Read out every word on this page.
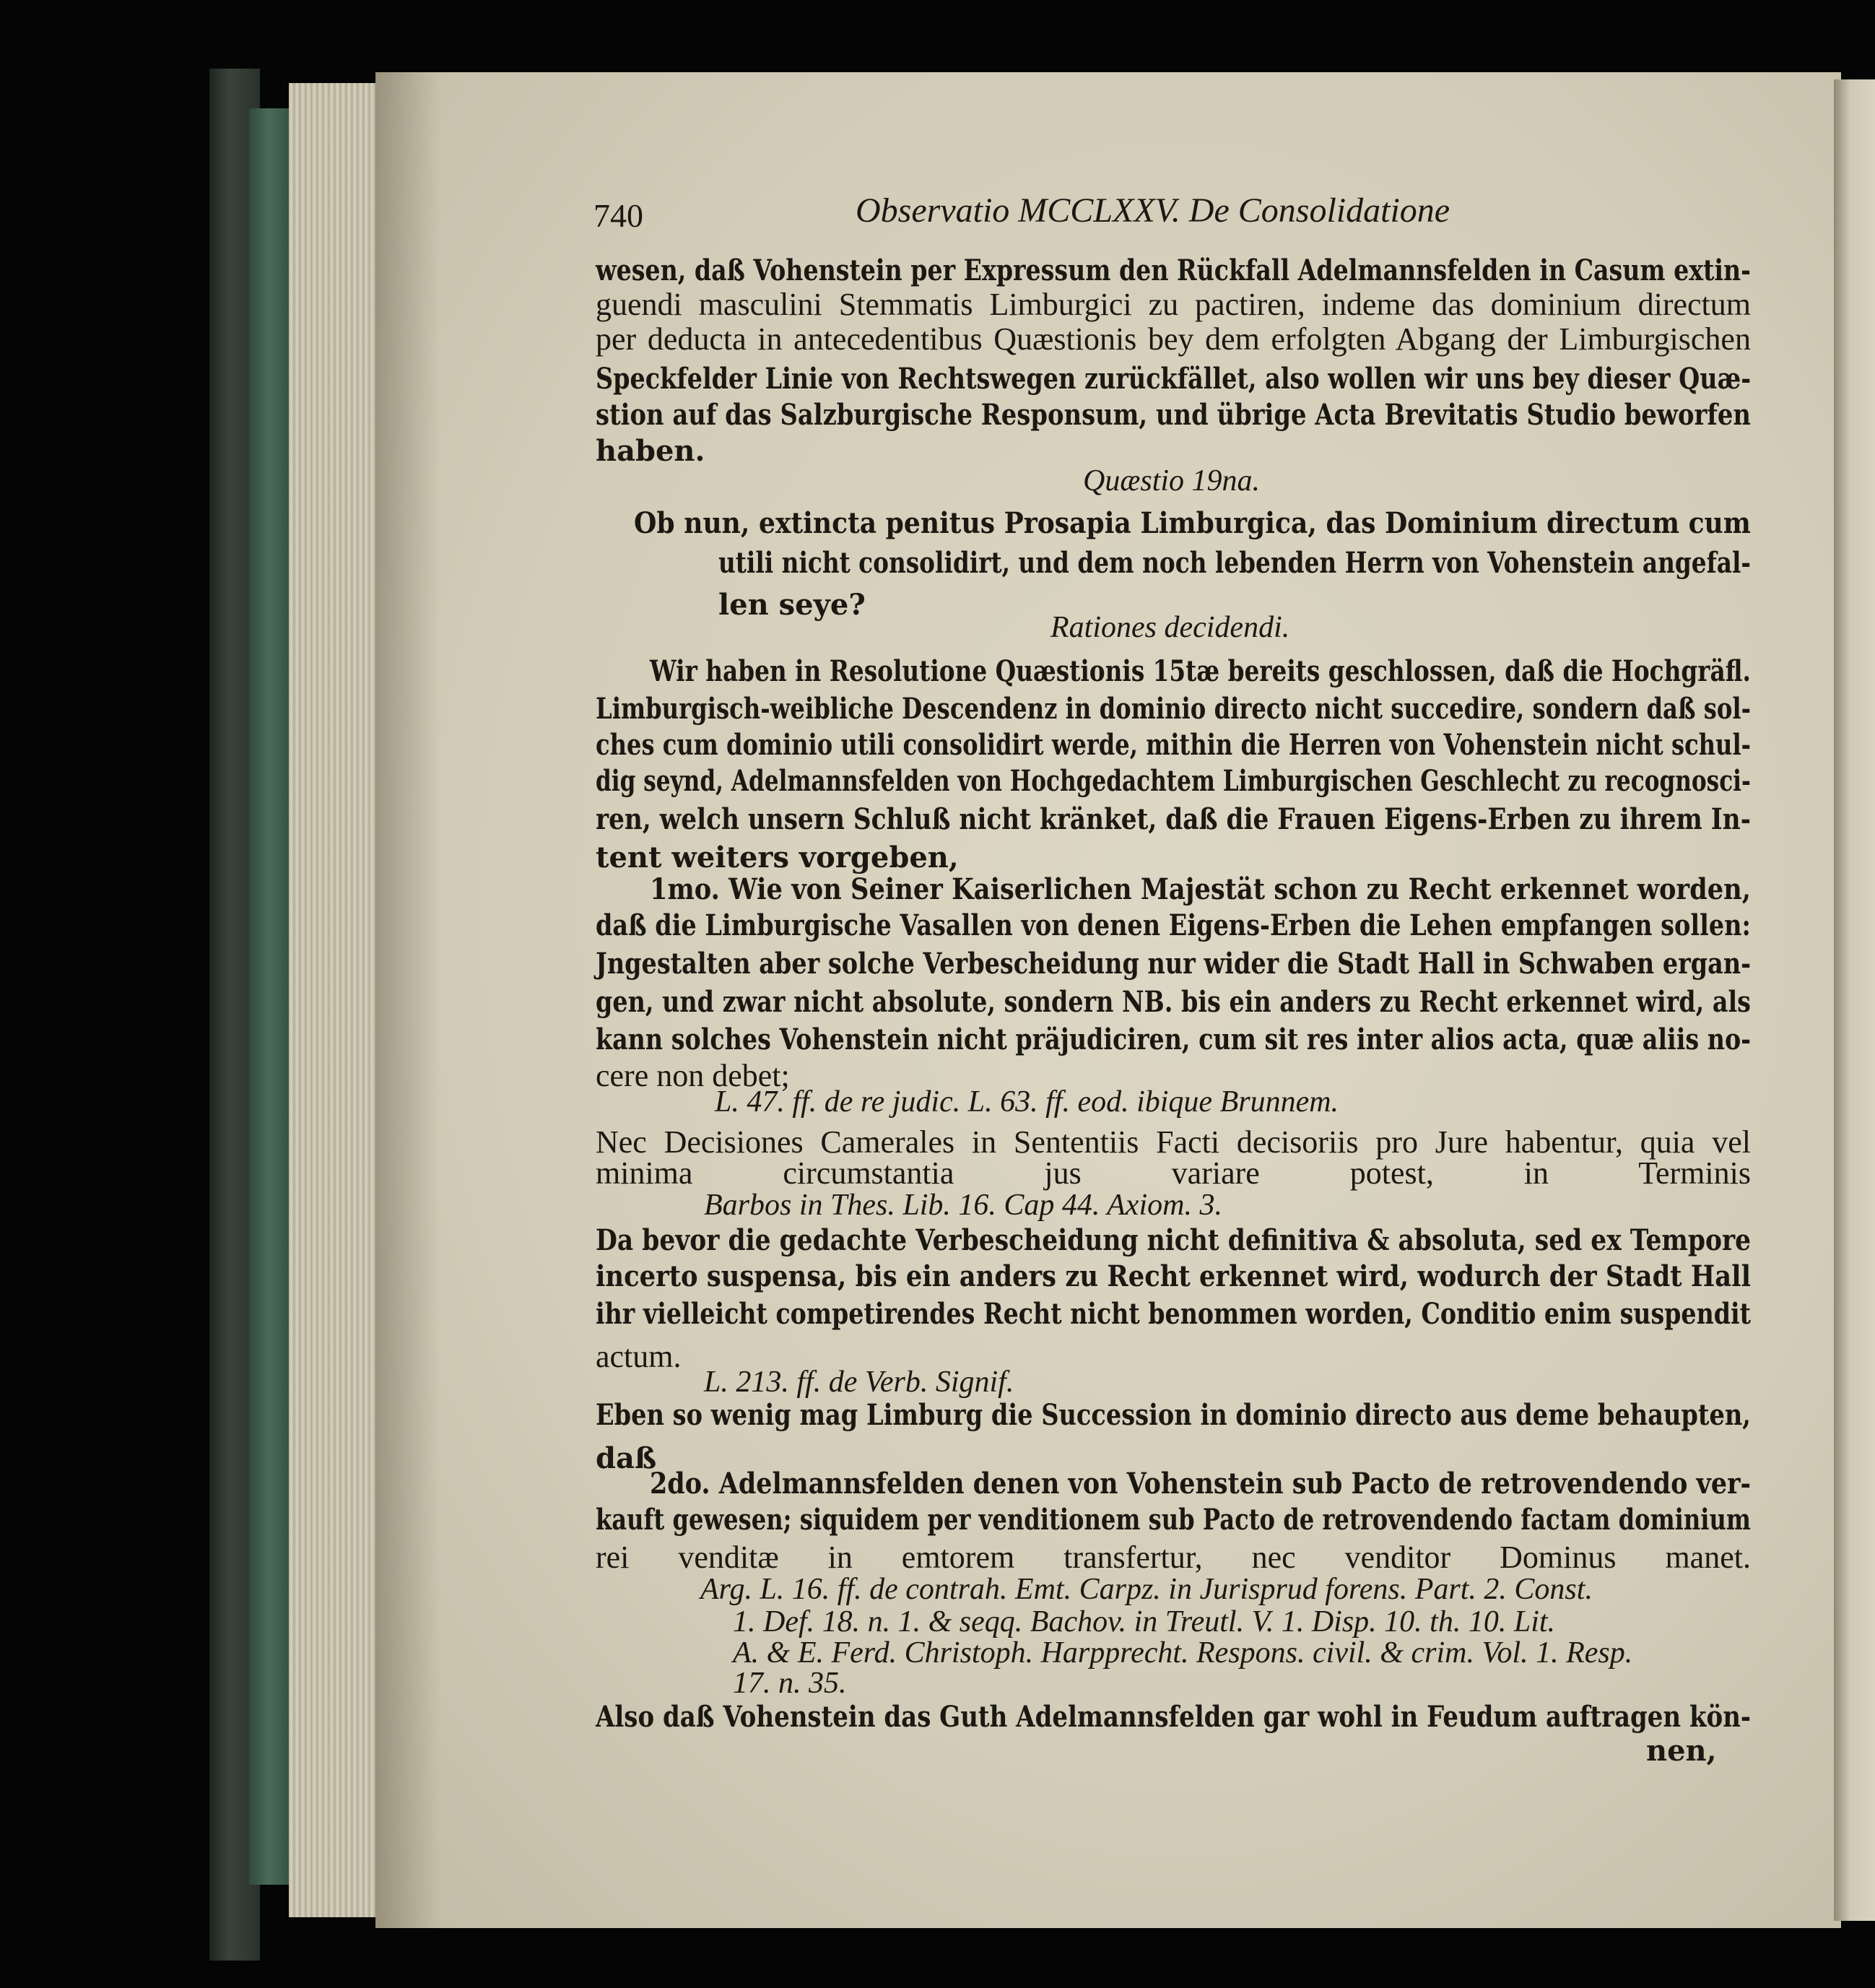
740	Observatio MCCLXXV. De Consolidatione
wesen, daß Vohenstein per Expressum den Rückfall Adelmannsfelden in Casum extin-
guendi masculini Stemmatis Limburgici zu pactiren, indeme das dominium directum
per deducta in antecedentibus Quæstionis bey dem erfolgten Abgang der Limburgischen
Speckfelder Linie von Rechtswegen zurückfället, also wollen wir uns bey dieser Quæ-
stion auf das Salzburgische Responsum, und übrige Acta Brevitatis Studio beworfen
haben.
Quæstio 19na.
Ob nun, extincta penitus Prosapia Limburgica, das Dominium directum cum
utili nicht consolidirt, und dem noch lebenden Herrn von Vohenstein angefal-
len seye?
Rationes decidendi.
Wir haben in Resolutione Quæstionis 15tæ bereits geschlossen, daß die Hochgräfl.
Limburgisch-weibliche Descendenz in dominio directo nicht succedire, sondern daß sol-
ches cum dominio utili consolidirt werde, mithin die Herren von Vohenstein nicht schul-
dig seynd, Adelmannsfelden von Hochgedachtem Limburgischen Geschlecht zu recognosci-
ren, welch unsern Schluß nicht kränket, daß die Frauen Eigens-Erben zu ihrem In-
tent weiters vorgeben,
1mo. Wie von Seiner Kaiserlichen Majestät schon zu Recht erkennet worden,
daß die Limburgische Vasallen von denen Eigens-Erben die Lehen empfangen sollen:
Jngestalten aber solche Verbescheidung nur wider die Stadt Hall in Schwaben ergan-
gen, und zwar nicht absolute, sondern NB. bis ein anders zu Recht erkennet wird, als
kann solches Vohenstein nicht präjudiciren, cum sit res inter alios acta, quæ aliis no-
cere non debet;
L. 47. ff. de re judic. L. 63. ff. eod. ibique Brunnem.
Nec Decisiones Camerales in Sententiis Facti decisoriis pro Jure habentur, quia vel
minima circumstantia jus variare potest, in Terminis
Barbos in Thes. Lib. 16. Cap 44. Axiom. 3.
Da bevor die gedachte Verbescheidung nicht definitiva & absoluta, sed ex Tempore
incerto suspensa, bis ein anders zu Recht erkennet wird, wodurch der Stadt Hall
ihr vielleicht competirendes Recht nicht benommen worden, Conditio enim suspendit
actum.
L. 213. ff. de Verb. Signif.
Eben so wenig mag Limburg die Succession in dominio directo aus deme behaupten,
daß
2do. Adelmannsfelden denen von Vohenstein sub Pacto de retrovendendo ver-
kauft gewesen; siquidem per venditionem sub Pacto de retrovendendo factam dominium
rei venditæ in emtorem transfertur, nec venditor Dominus manet.
Arg. L. 16. ff. de contrah. Emt. Carpz. in Jurisprud forens. Part. 2. Const.
1. Def. 18. n. 1. & seqq. Bachov. in Treutl. V. 1. Disp. 10. th. 10. Lit.
A. & E. Ferd. Christoph. Harpprecht. Respons. civil. & crim. Vol. 1. Resp.
17. n. 35.
Also daß Vohenstein das Guth Adelmannsfelden gar wohl in Feudum auftragen kön-
nen,
